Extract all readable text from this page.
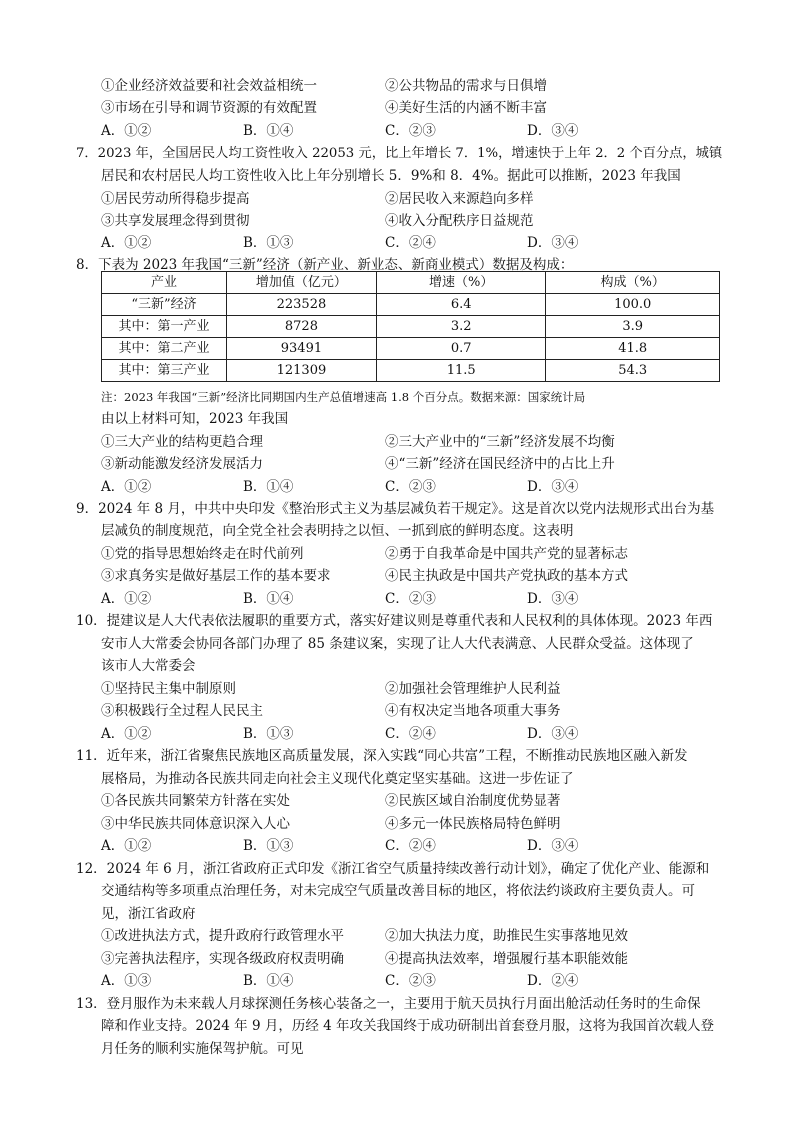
①企业经济效益要和社会效益相统一	②公共物品的需求与日俱增
③市场在引导和调节资源的有效配置	④美好生活的内涵不断丰富
A．①②	B．①④	C．②③	D．③④
7．2023 年，全国居民人均工资性收入 22053 元，比上年增长 7．1%，增速快于上年 2．2 个百分点，城镇
居民和农村居民人均工资性收入比上年分别增长 5．9%和 8．4%。据此可以推断，2023 年我国
①居民劳动所得稳步提高	②居民收入来源趋向多样
③共享发展理念得到贯彻	④收入分配秩序日益规范
A．①②	B．①③	C．②④	D．③④
8．下表为 2023 年我国“三新”经济（新产业、新业态、新商业模式）数据及构成：
产业	增加值（亿元）	增速（%）	构成（%）
“三新”经济	223528	6.4	100.0
其中：第一产业	8728	3.2	3.9
其中：第二产业	93491	0.7	41.8
其中：第三产业	121309	11.5	54.3
注：2023 年我国“三新”经济比同期国内生产总值增速高 1.8 个百分点。数据来源：国家统计局
由以上材料可知，2023 年我国
①三大产业的结构更趋合理	②三大产业中的“三新”经济发展不均衡
③新动能激发经济发展活力	④“三新”经济在国民经济中的占比上升
A．①②	B．①④	C．②③	D．③④
9．2024 年 8 月，中共中央印发《整治形式主义为基层减负若干规定》。这是首次以党内法规形式出台为基
层减负的制度规范，向全党全社会表明持之以恒、一抓到底的鲜明态度。这表明
①党的指导思想始终走在时代前列	②勇于自我革命是中国共产党的显著标志
③求真务实是做好基层工作的基本要求	④民主执政是中国共产党执政的基本方式
A．①②	B．①④	C．②③	D．③④
10．提建议是人大代表依法履职的重要方式，落实好建议则是尊重代表和人民权利的具体体现。2023 年西
安市人大常委会协同各部门办理了 85 条建议案，实现了让人大代表满意、人民群众受益。这体现了
该市人大常委会
①坚持民主集中制原则	②加强社会管理维护人民利益
③积极践行全过程人民民主	④有权决定当地各项重大事务
A．①②	B．①③	C．②④	D．③④
11．近年来，浙江省聚焦民族地区高质量发展，深入实践“同心共富”工程，不断推动民族地区融入新发
展格局，为推动各民族共同走向社会主义现代化奠定坚实基础。这进一步佐证了
①各民族共同繁荣方针落在实处	②民族区域自治制度优势显著
③中华民族共同体意识深入人心	④多元一体民族格局特色鲜明
A．①②	B．①③	C．②④	D．③④
12．2024 年 6 月，浙江省政府正式印发《浙江省空气质量持续改善行动计划》，确定了优化产业、能源和
交通结构等多项重点治理任务，对未完成空气质量改善目标的地区，将依法约谈政府主要负责人。可
见，浙江省政府
①改进执法方式，提升政府行政管理水平	②加大执法力度，助推民生实事落地见效
③完善执法程序，实现各级政府权责明确	④提高执法效率，增强履行基本职能效能
A．①③	B．①④	C．②③	D．②④
13．登月服作为未来载人月球探测任务核心装备之一，主要用于航天员执行月面出舱活动任务时的生命保
障和作业支持。2024 年 9 月，历经 4 年攻关我国终于成功研制出首套登月服，这将为我国首次载人登
月任务的顺利实施保驾护航。可见
